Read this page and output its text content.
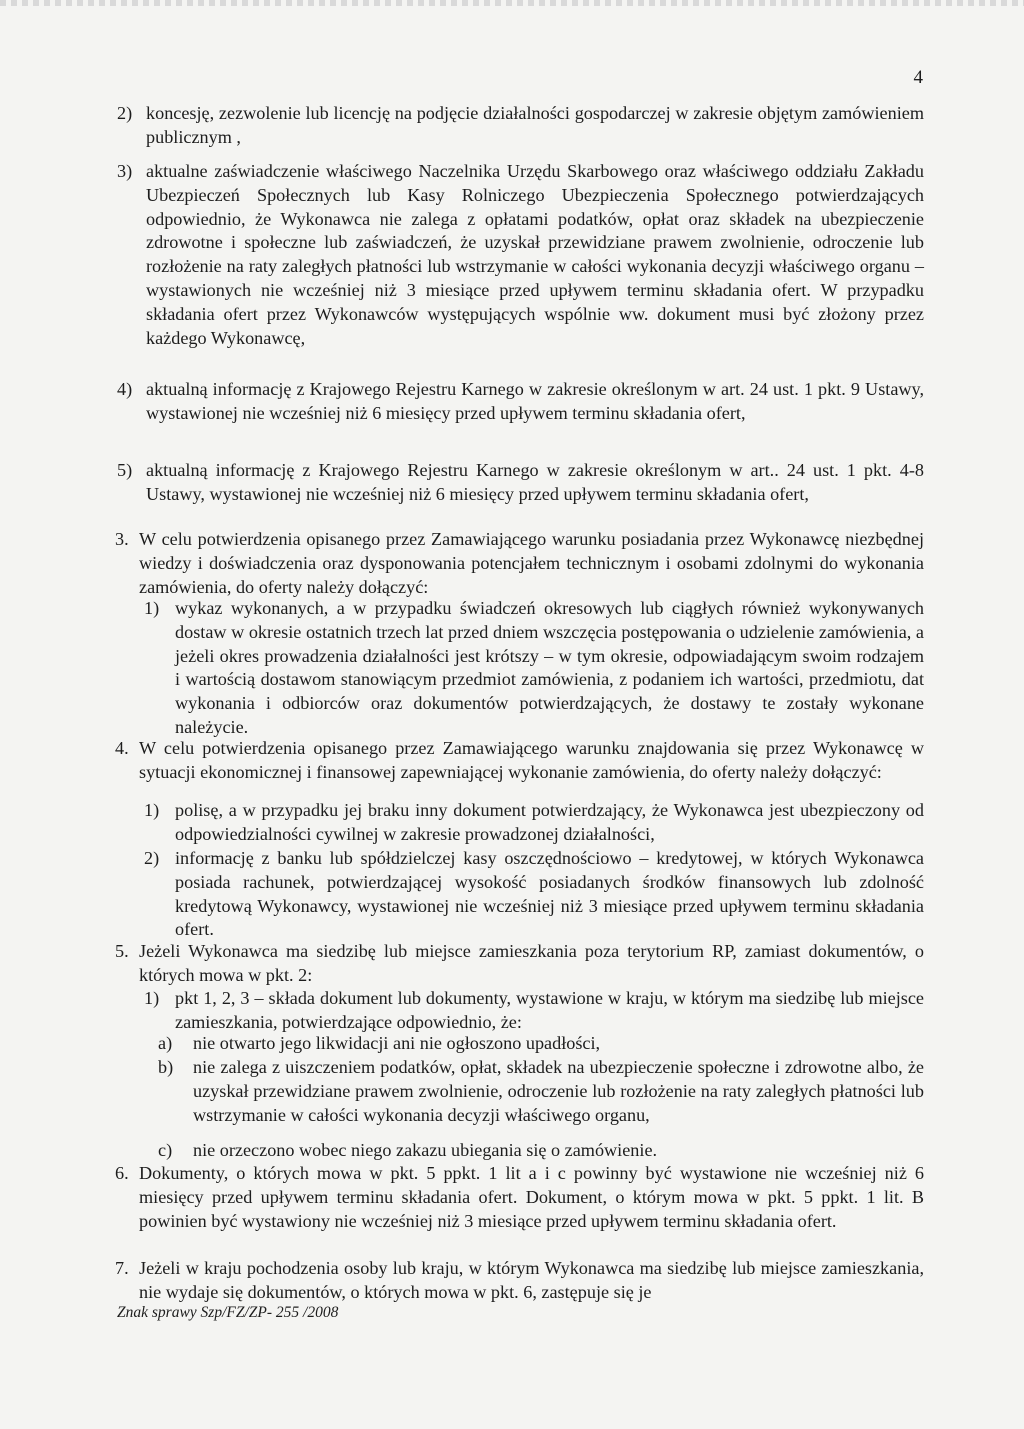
4
2) koncesję, zezwolenie lub licencję na podjęcie działalności gospodarczej w zakresie objętym zamówieniem publicznym ,
3) aktualne zaświadczenie właściwego Naczelnika Urzędu Skarbowego oraz właściwego oddziału Zakładu Ubezpieczeń Społecznych lub Kasy Rolniczego Ubezpieczenia Społecznego potwierdzających odpowiednio, że Wykonawca nie zalega z opłatami podatków, opłat oraz składek na ubezpieczenie zdrowotne i społeczne lub zaświadczeń, że uzyskał przewidziane prawem zwolnienie, odroczenie lub rozłożenie na raty zaległych płatności lub wstrzymanie w całości wykonania decyzji właściwego organu – wystawionych nie wcześniej niż 3 miesiące przed upływem terminu składania ofert. W przypadku składania ofert przez Wykonawców występujących wspólnie ww. dokument musi być złożony przez każdego Wykonawcę,
4) aktualną informację z Krajowego Rejestru Karnego w zakresie określonym w art. 24 ust. 1 pkt. 9 Ustawy, wystawionej nie wcześniej niż 6 miesięcy przed upływem terminu składania ofert,
5) aktualną informację z Krajowego Rejestru Karnego w zakresie określonym w art.. 24 ust. 1 pkt. 4-8 Ustawy, wystawionej nie wcześniej niż 6 miesięcy przed upływem terminu składania ofert,
3. W celu potwierdzenia opisanego przez Zamawiającego warunku posiadania przez Wykonawcę niezbędnej wiedzy i doświadczenia oraz dysponowania potencjałem technicznym i osobami zdolnymi do wykonania zamówienia, do oferty należy dołączyć:
1) wykaz wykonanych, a w przypadku świadczeń okresowych lub ciągłych również wykonywanych dostaw w okresie ostatnich trzech lat przed dniem wszczęcia postępowania o udzielenie zamówienia, a jeżeli okres prowadzenia działalności jest krótszy – w tym okresie, odpowiadającym swoim rodzajem i wartością dostawom stanowiącym przedmiot zamówienia, z podaniem ich wartości, przedmiotu, dat wykonania i odbiorców oraz dokumentów potwierdzających, że dostawy te zostały wykonane należycie.
4. W celu potwierdzenia opisanego przez Zamawiającego warunku znajdowania się przez Wykonawcę w sytuacji ekonomicznej i finansowej zapewniającej wykonanie zamówienia, do oferty należy dołączyć:
1) polisę, a w przypadku jej braku inny dokument potwierdzający, że Wykonawca jest ubezpieczony od odpowiedzialności cywilnej w zakresie prowadzonej działalności,
2) informację z banku lub spółdzielczej kasy oszczędnościowo – kredytowej, w których Wykonawca posiada rachunek, potwierdzającej wysokość posiadanych środków finansowych lub zdolność kredytową Wykonawcy, wystawionej nie wcześniej niż 3 miesiące przed upływem terminu składania ofert.
5. Jeżeli Wykonawca ma siedzibę lub miejsce zamieszkania poza terytorium RP, zamiast dokumentów, o których mowa w pkt. 2:
1) pkt 1, 2, 3 – składa dokument lub dokumenty, wystawione w kraju, w którym ma siedzibę lub miejsce zamieszkania, potwierdzające odpowiednio, że:
a) nie otwarto jego likwidacji ani nie ogłoszono upadłości,
b) nie zalega z uiszczeniem podatków, opłat, składek na ubezpieczenie społeczne i zdrowotne albo, że uzyskał przewidziane prawem zwolnienie, odroczenie lub rozłożenie na raty zaległych płatności lub wstrzymanie w całości wykonania decyzji właściwego organu,
c) nie orzeczono wobec niego zakazu ubiegania się o zamówienie.
6. Dokumenty, o których mowa w pkt. 5 ppkt. 1 lit a i c powinny być wystawione nie wcześniej niż 6 miesięcy przed upływem terminu składania ofert. Dokument, o którym mowa w pkt. 5 ppkt. 1 lit. B powinien być wystawiony nie wcześniej niż 3 miesiące przed upływem terminu składania ofert.
7. Jeżeli w kraju pochodzenia osoby lub kraju, w którym Wykonawca ma siedzibę lub miejsce zamieszkania, nie wydaje się dokumentów, o których mowa w pkt. 6, zastępuje się je
Znak sprawy Szp/FZ/ZP- 255 /2008
